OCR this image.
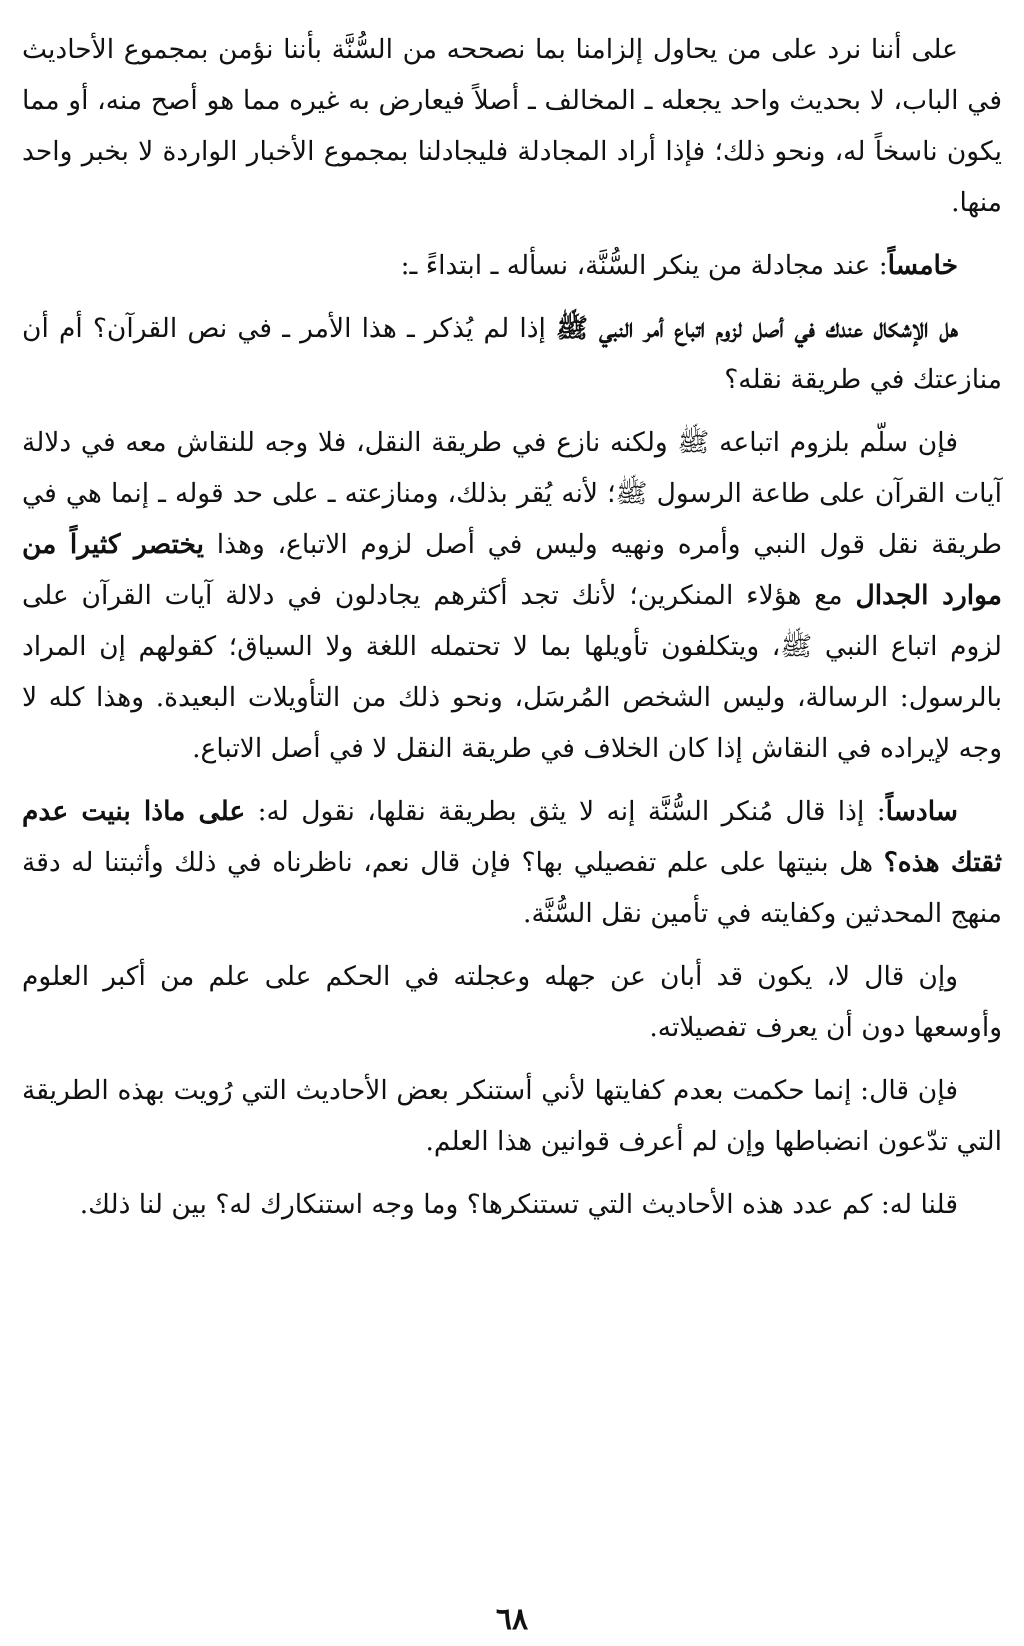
على أننا نرد على من يحاول إلزامنا بما نصححه من السُّنَّة بأننا نؤمن بمجموع الأحاديث في الباب، لا بحديث واحد يجعله ـ المخالف ـ أصلاً فيعارض به غيره مما هو أصح منه، أو مما يكون ناسخاً له، ونحو ذلك؛ فإذا أراد المجادلة فليجادلنا بمجموع الأخبار الواردة لا بخبر واحد منها.

خامساً: عند مجادلة من ينكر السُّنَّة، نسأله ـ ابتداءً ـ:

هل الإشكال عندك في أصل لزوم اتباع أمر النبي ﷺ إذا لم يُذكر ـ هذا الأمر ـ في نص القرآن؟ أم أن منازعتك في طريقة نقله؟

فإن سلّم بلزوم اتباعه ﷺ ولكنه نازع في طريقة النقل، فلا وجه للنقاش معه في دلالة آيات القرآن على طاعة الرسول ﷺ؛ لأنه يُقر بذلك، ومنازعته ـ على حد قوله ـ إنما هي في طريقة نقل قول النبي وأمره ونهيه وليس في أصل لزوم الاتباع، وهذا يختصر كثيراً من موارد الجدال مع هؤلاء المنكرين؛ لأنك تجد أكثرهم يجادلون في دلالة آيات القرآن على لزوم اتباع النبي ﷺ، ويتكلفون تأويلها بما لا تحتمله اللغة ولا السياق؛ كقولهم إن المراد بالرسول: الرسالة، وليس الشخص المُرسَل، ونحو ذلك من التأويلات البعيدة. وهذا كله لا وجه لإيراده في النقاش إذا كان الخلاف في طريقة النقل لا في أصل الاتباع.

سادساً: إذا قال مُنكر السُّنَّة إنه لا يثق بطريقة نقلها، نقول له: على ماذا بنيت عدم ثقتك هذه؟ هل بنيتها على علم تفصيلي بها؟ فإن قال نعم، ناظرناه في ذلك وأثبتنا له دقة منهج المحدثين وكفايته في تأمين نقل السُّنَّة.

وإن قال لا، يكون قد أبان عن جهله وعجلته في الحكم على علم من أكبر العلوم وأوسعها دون أن يعرف تفصيلاته.

فإن قال: إنما حكمت بعدم كفايتها لأني أستنكر بعض الأحاديث التي رُويت بهذه الطريقة التي تدّعون انضباطها وإن لم أعرف قوانين هذا العلم.

قلنا له: كم عدد هذه الأحاديث التي تستنكرها؟ وما وجه استنكارك له؟ بين لنا ذلك.

٦٨
